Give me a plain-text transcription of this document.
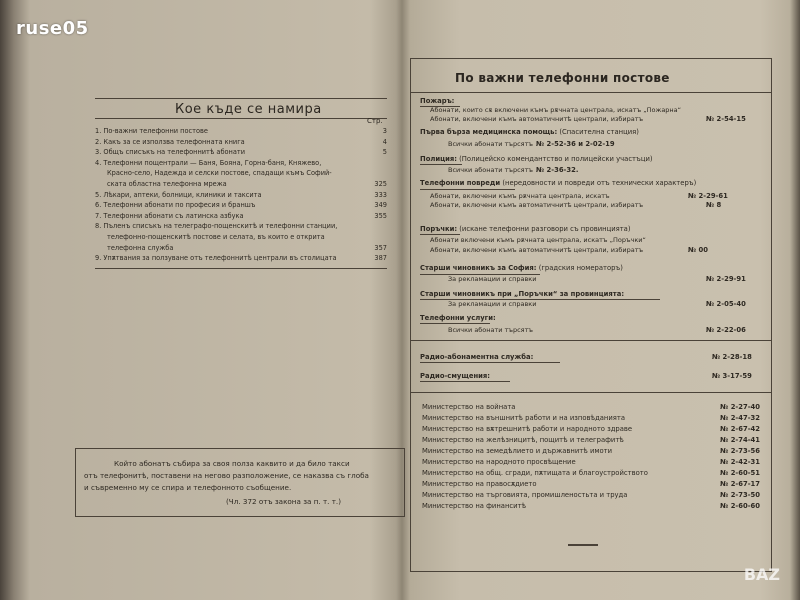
ruse05
Кое къде се намира
Стр.
1. По-важни телефонни постове	3
2. Какъ за се използва телефонната книга	4
3. Общъ списъкъ на телефоннитѣ абонати	5
4. Телефонни пощентрали — Баня, Бояна, Горна-баня, Княжево,
Красно-село, Надежда и селски постове, спадащи къмъ Софий-
ската областна телефонна мрежа	325
5. Лѣкари, аптеки, болници, клиники и таксита	333
6. Телефонни абонати по професия и браншъ	349
7. Телефонни абонати съ латинска азбука	355
8. Пъленъ списъкъ на телеграфо-пощенскитѣ и телефонни станции,
телефонно-пощенскитѣ постове и селата, въ които е открита
телефонна служба	357
9. Упѫтвания за ползуване отъ телефоннитѣ централи въ столицата	387
Който абонатъ събира за своя полза каквито и да било такси
отъ телефонитѣ, поставени на негово разположение, се наказва съ глоба
и съвременно му се спира и телефонното съобщение.
(Чл. 372 отъ закона за п. т. т.)
По важни телефонни постове
Пожаръ:
Абонати, които сѫ включени къмъ рѫчната централа, искатъ „Пожарна“
Абонати, включени къмъ автоматичнитѣ централи, избиратъ	№ 2-54-15
Първа бърза медицинска помощь: (Спасителна станция)
Всички абонати търсятъ № 2-52-36 и 2-02-19
Полиция: (Полицейско комендантство и полицейски участъци)
Всички абонати търсятъ № 2-36-32.
Телефонни повреди (нередовности и повреди отъ технически характеръ)
Абонати, включени къмъ рѫчната централа, искатъ	№ 2-29-61
Абонати, включени къмъ автоматичнитѣ централи, избиратъ	№ 8
Поръчки: (искане телефонни разговори съ провинцията)
Абонати включени къмъ рѫчната централа, искатъ „Поръчки“
Абонати, включени къмъ автоматичнитѣ централи, избиратъ	№ 00
Старши чиновникъ за София: (градския номераторъ)
За рекламации и справки	№ 2-29-91
Старши чиновникъ при „Поръчки“ за провинцията:
За рекламации и справки	№ 2-05-40
Телефонни услуги:
Всички абонати търсятъ	№ 2-22-06
Радио-абонаментна служба:	№ 2-28-18
Радио-смущения:	№ 3-17-59
Министерство на войната	№ 2-27-40
Министерство на външнитѣ работи и на изповѣданията	№ 2-47-32
Министерство на вѫтрешнитѣ работи и народното здраве	№ 2-67-42
Министерство на желѣзницитѣ, пощитѣ и телеграфитѣ	№ 2-74-41
Министерство на земедѣлието и държавнитѣ имоти	№ 2-73-56
Министерство на народното просвѣщение	№ 2-42-31
Министерство на общ. сгради, пѫтищата и благоустройството	№ 2-60-51
Министерство на правосѫдието	№ 2-67-17
Министерство на търговията, промишленостьта и труда	№ 2-73-50
Министерство на финанситѣ	№ 2-60-60
BAZ
